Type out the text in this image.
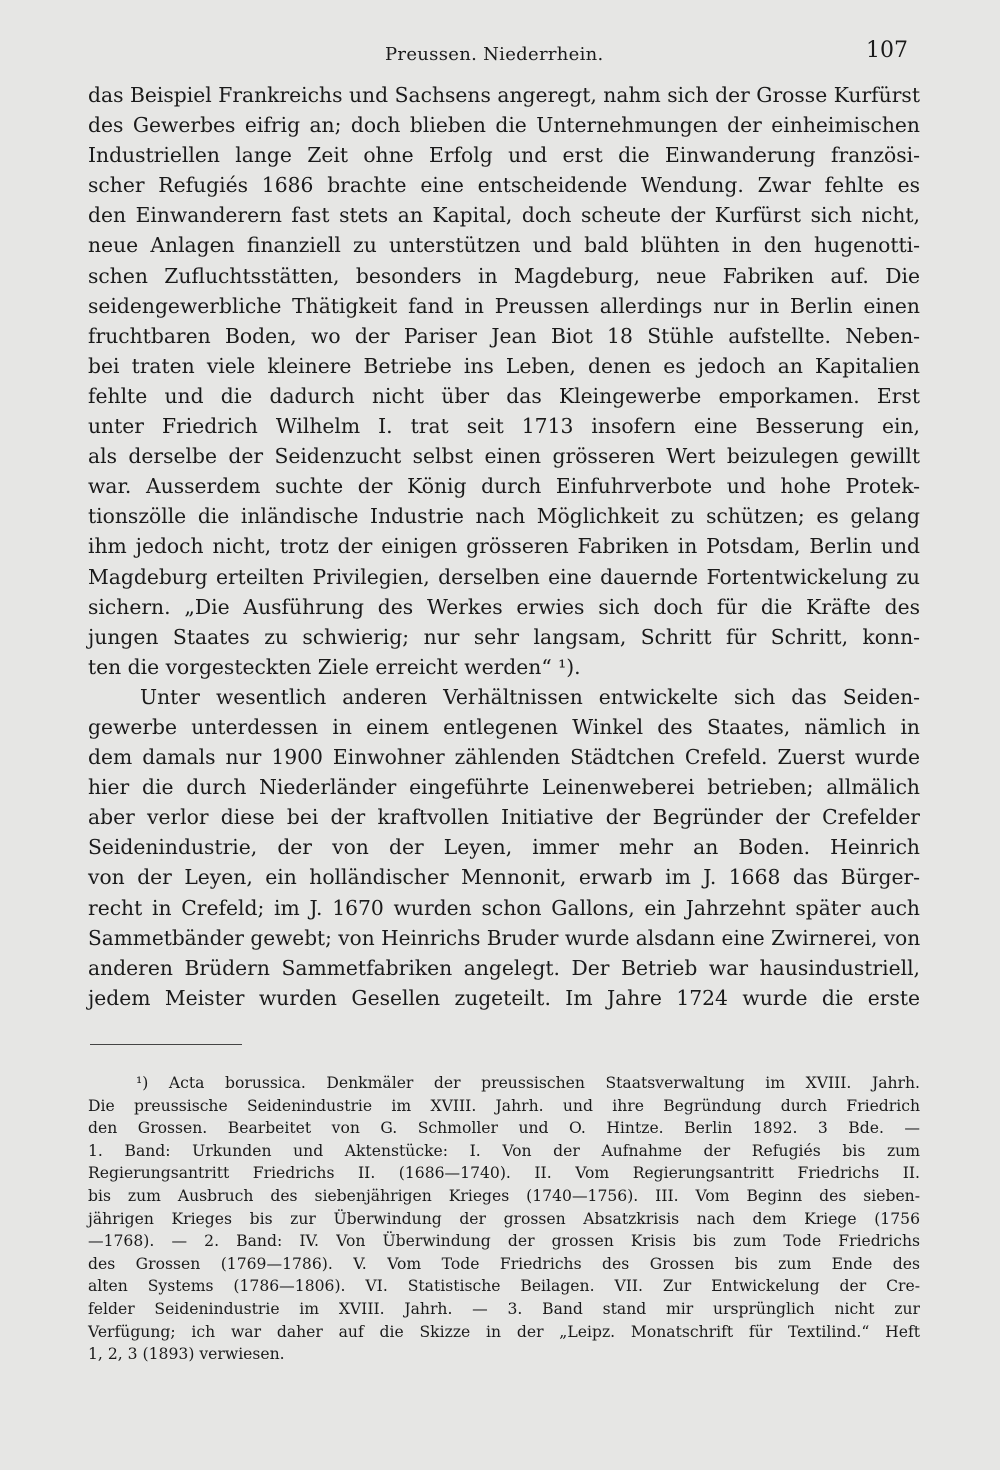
Preussen. Niederrhein.	107
das Beispiel Frankreichs und Sachsens angeregt, nahm sich der Grosse Kurfürst
des Gewerbes eifrig an; doch blieben die Unternehmungen der einheimischen
Industriellen lange Zeit ohne Erfolg und erst die Einwanderung französi-
scher Refugiés 1686 brachte eine entscheidende Wendung. Zwar fehlte es
den Einwanderern fast stets an Kapital, doch scheute der Kurfürst sich nicht,
neue Anlagen finanziell zu unterstützen und bald blühten in den hugenotti-
schen Zufluchtsstätten, besonders in Magdeburg, neue Fabriken auf. Die
seidengewerbliche Thätigkeit fand in Preussen allerdings nur in Berlin einen
fruchtbaren Boden, wo der Pariser Jean Biot 18 Stühle aufstellte. Neben-
bei traten viele kleinere Betriebe ins Leben, denen es jedoch an Kapitalien
fehlte und die dadurch nicht über das Kleingewerbe emporkamen. Erst
unter Friedrich Wilhelm I. trat seit 1713 insofern eine Besserung ein,
als derselbe der Seidenzucht selbst einen grösseren Wert beizulegen gewillt
war. Ausserdem suchte der König durch Einfuhrverbote und hohe Protek-
tionszölle die inländische Industrie nach Möglichkeit zu schützen; es gelang
ihm jedoch nicht, trotz der einigen grösseren Fabriken in Potsdam, Berlin und
Magdeburg erteilten Privilegien, derselben eine dauernde Fortentwickelung zu
sichern. „Die Ausführung des Werkes erwies sich doch für die Kräfte des
jungen Staates zu schwierig; nur sehr langsam, Schritt für Schritt, konn-
ten die vorgesteckten Ziele erreicht werden“ ¹).
Unter wesentlich anderen Verhältnissen entwickelte sich das Seiden-
gewerbe unterdessen in einem entlegenen Winkel des Staates, nämlich in
dem damals nur 1900 Einwohner zählenden Städtchen Crefeld. Zuerst wurde
hier die durch Niederländer eingeführte Leinenweberei betrieben; allmälich
aber verlor diese bei der kraftvollen Initiative der Begründer der Crefelder
Seidenindustrie, der von der Leyen, immer mehr an Boden. Heinrich
von der Leyen, ein holländischer Mennonit, erwarb im J. 1668 das Bürger-
recht in Crefeld; im J. 1670 wurden schon Gallons, ein Jahrzehnt später auch
Sammetbänder gewebt; von Heinrichs Bruder wurde alsdann eine Zwirnerei, von
anderen Brüdern Sammetfabriken angelegt. Der Betrieb war hausindustriell,
jedem Meister wurden Gesellen zugeteilt. Im Jahre 1724 wurde die erste
¹) Acta borussica. Denkmäler der preussischen Staatsverwaltung im XVIII. Jahrh.
Die preussische Seidenindustrie im XVIII. Jahrh. und ihre Begründung durch Friedrich
den Grossen. Bearbeitet von G. Schmoller und O. Hintze. Berlin 1892. 3 Bde. —
1. Band: Urkunden und Aktenstücke: I. Von der Aufnahme der Refugiés bis zum
Regierungsantritt Friedrichs II. (1686—1740). II. Vom Regierungsantritt Friedrichs II.
bis zum Ausbruch des siebenjährigen Krieges (1740—1756). III. Vom Beginn des sieben-
jährigen Krieges bis zur Überwindung der grossen Absatzkrisis nach dem Kriege (1756
—1768). — 2. Band: IV. Von Überwindung der grossen Krisis bis zum Tode Friedrichs
des Grossen (1769—1786). V. Vom Tode Friedrichs des Grossen bis zum Ende des
alten Systems (1786—1806). VI. Statistische Beilagen. VII. Zur Entwickelung der Cre-
felder Seidenindustrie im XVIII. Jahrh. — 3. Band stand mir ursprünglich nicht zur
Verfügung; ich war daher auf die Skizze in der „Leipz. Monatschrift für Textilind.“ Heft
1, 2, 3 (1893) verwiesen.
